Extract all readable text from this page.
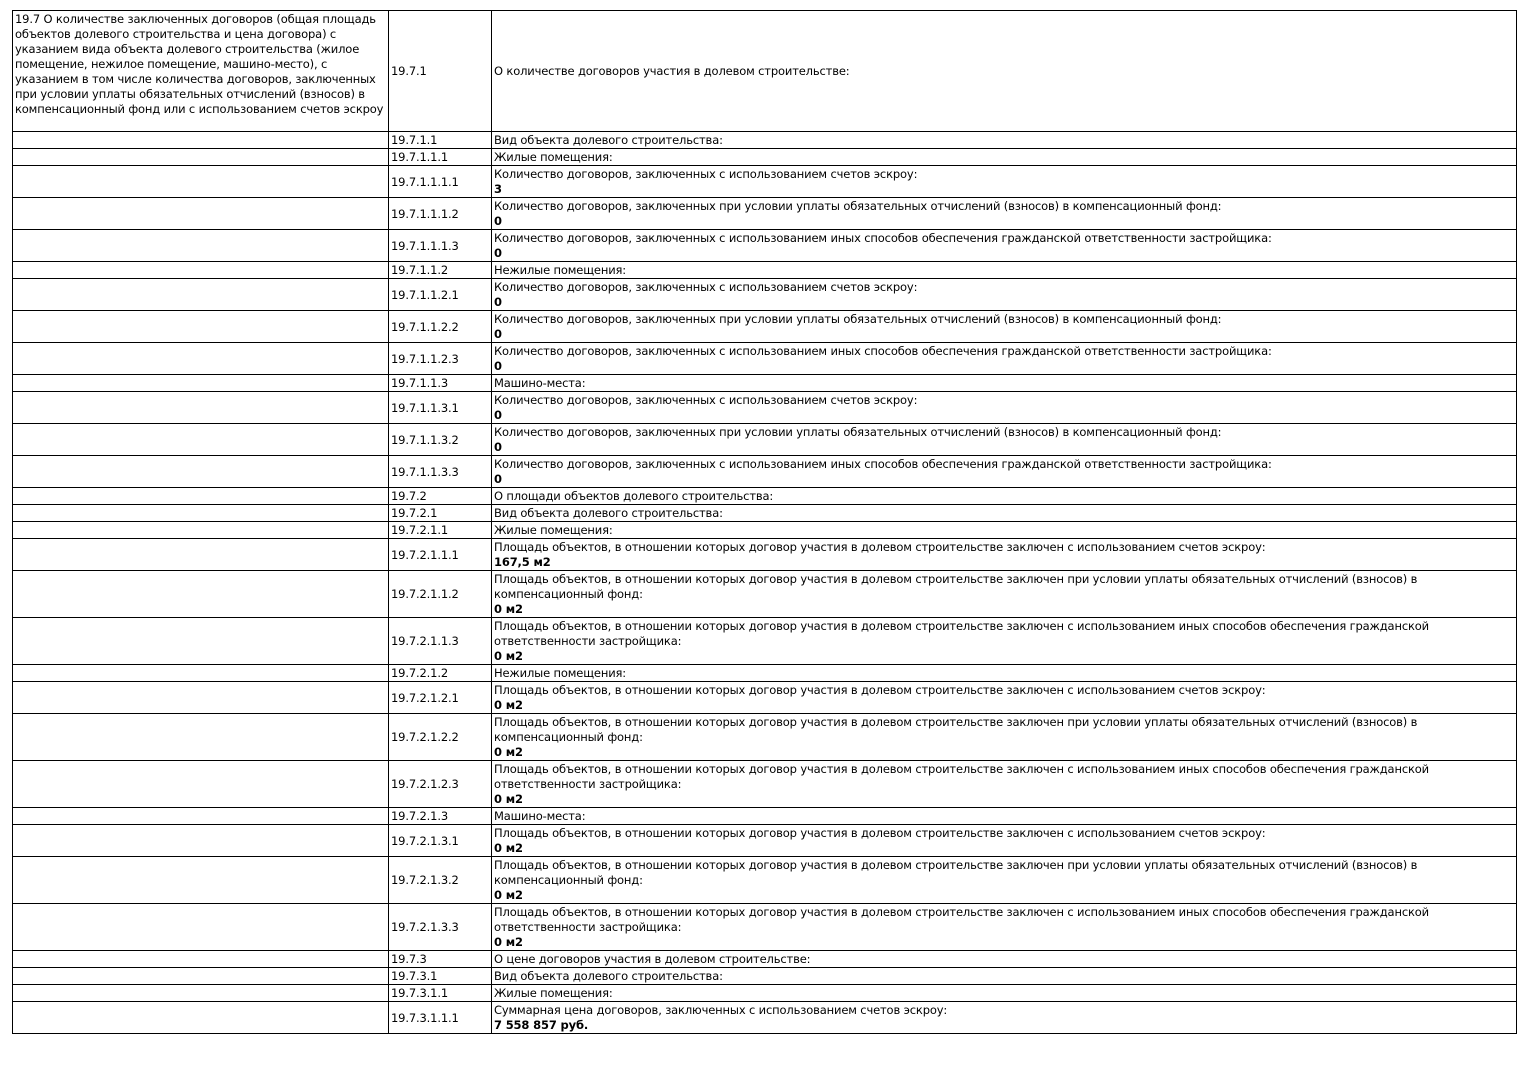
19.7 О количестве заключенных договоров (общая площадь объектов долевого строительства и цена договора) с указанием вида объекта долевого строительства (жилое помещение, нежилое помещение, машино-место), с указанием в том числе количества договоров, заключенных при условии уплаты обязательных отчислений (взносов) в компенсационный фонд или с использованием счетов эскроу	19.7.1	О количестве договоров участия в долевом строительстве:
	19.7.1.1	Вид объекта долевого строительства:

	19.7.1.1.1	Жилые помещения:

	19.7.1.1.1.1	Количество договоров, заключенных с использованием счетов эскроу:
3

	19.7.1.1.1.2	Количество договоров, заключенных при условии уплаты обязательных отчислений (взносов) в компенсационный фонд:
0

	19.7.1.1.1.3	Количество договоров, заключенных с использованием иных способов обеспечения гражданской ответственности застройщика:
0

	19.7.1.1.2	Нежилые помещения:

	19.7.1.1.2.1	Количество договоров, заключенных с использованием счетов эскроу:
0

	19.7.1.1.2.2	Количество договоров, заключенных при условии уплаты обязательных отчислений (взносов) в компенсационный фонд:
0

	19.7.1.1.2.3	Количество договоров, заключенных с использованием иных способов обеспечения гражданской ответственности застройщика:
0

	19.7.1.1.3	Машино-места:

	19.7.1.1.3.1	Количество договоров, заключенных с использованием счетов эскроу:
0

	19.7.1.1.3.2	Количество договоров, заключенных при условии уплаты обязательных отчислений (взносов) в компенсационный фонд:
0

	19.7.1.1.3.3	Количество договоров, заключенных с использованием иных способов обеспечения гражданской ответственности застройщика:
0

	19.7.2	О площади объектов долевого строительства:

	19.7.2.1	Вид объекта долевого строительства:

	19.7.2.1.1	Жилые помещения:

	19.7.2.1.1.1	Площадь объектов, в отношении которых договор участия в долевом строительстве заключен с использованием счетов эскроу:
167,5 м2

	19.7.2.1.1.2	Площадь объектов, в отношении которых договор участия в долевом строительстве заключен при условии уплаты обязательных отчислений (взносов) в компенсационный фонд:
0 м2

	19.7.2.1.1.3	Площадь объектов, в отношении которых договор участия в долевом строительстве заключен с использованием иных способов обеспечения гражданской ответственности застройщика:
0 м2

	19.7.2.1.2	Нежилые помещения:

	19.7.2.1.2.1	Площадь объектов, в отношении которых договор участия в долевом строительстве заключен с использованием счетов эскроу:
0 м2

	19.7.2.1.2.2	Площадь объектов, в отношении которых договор участия в долевом строительстве заключен при условии уплаты обязательных отчислений (взносов) в компенсационный фонд:
0 м2

	19.7.2.1.2.3	Площадь объектов, в отношении которых договор участия в долевом строительстве заключен с использованием иных способов обеспечения гражданской ответственности застройщика:
0 м2

	19.7.2.1.3	Машино-места:

	19.7.2.1.3.1	Площадь объектов, в отношении которых договор участия в долевом строительстве заключен с использованием счетов эскроу:
0 м2

	19.7.2.1.3.2	Площадь объектов, в отношении которых договор участия в долевом строительстве заключен при условии уплаты обязательных отчислений (взносов) в компенсационный фонд:
0 м2

	19.7.2.1.3.3	Площадь объектов, в отношении которых договор участия в долевом строительстве заключен с использованием иных способов обеспечения гражданской ответственности застройщика:
0 м2

	19.7.3	О цене договоров участия в долевом строительстве:

	19.7.3.1	Вид объекта долевого строительства:

	19.7.3.1.1	Жилые помещения:

	19.7.3.1.1.1	Суммарная цена договоров, заключенных с использованием счетов эскроу:
7 558 857 руб.
